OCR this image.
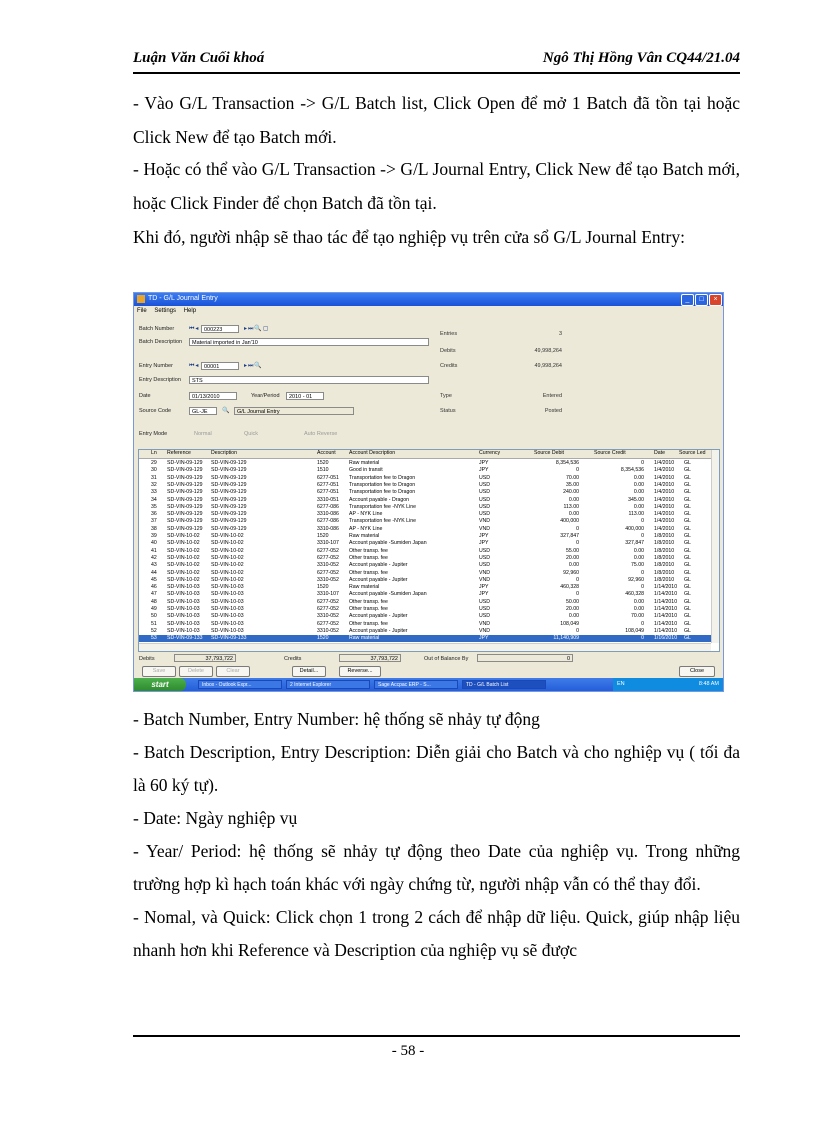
Luận Văn Cuối khoá	Ngô Thị Hồng Vân CQ44/21.04
- Vào G/L Transaction -> G/L Batch list, Click Open để mở 1 Batch đã tồn tại hoặc Click New để tạo Batch mới.
- Hoặc có thể vào G/L Transaction -> G/L Journal Entry, Click New để tạo Batch mới, hoặc Click Finder để chọn Batch đã tồn tại.
Khi đó, người nhập sẽ thao tác để tạo nghiệp vụ trên cửa sổ G/L Journal Entry:
TD - G/L Journal Entry	_	□	×
File Settings Help
Batch Number ⏮◂ 000223	▸⏭🔍▢
Batch Description	Material imported in Jan'10
Entry Number	⏮◂ 00001	▸⏭🔍
Entry Description	STS
Date	01/13/2010	Year/Period	2010 - 01
Source Code	GL-JE	🔍	G/L Journal Entry
Entry Mode	Normal	Quick	Auto Reverse
Entries	3
Debits	49,998,264
Credits	49,998,264
Type	Entered
Status	Posted
Ln Reference	Description	Account	Account Description	Currency	Source Debit	Source Credit	Date	Source Led
29 SD-VIN-09-129 SD-VIN-09-129	1520	Raw material	JPY	8,354,536	0 1/4/2010 GL
30 SD-VIN-09-129 SD-VIN-09-129	1510	Good in transit	JPY	0	8,354,536 1/4/2010 GL
31 SD-VIN-09-129 SD-VIN-09-129	6277-051 Transportation fee to Dragon	USD	70.00	0.00 1/4/2010 GL
32 SD-VIN-09-129 SD-VIN-09-129	6277-051 Transportation fee to Dragon	USD	35.00	0.00 1/4/2010 GL
33 SD-VIN-09-129 SD-VIN-09-129	6277-051 Transportation fee to Dragon	USD	240.00	0.00 1/4/2010 GL
34 SD-VIN-09-129 SD-VIN-09-129	3310-051 Account payable - Dragon	USD	0.00	345.00 1/4/2010 GL
35 SD-VIN-09-129 SD-VIN-09-129	6277-086 Transportation fee -NYK Line	USD	113.00	0.00 1/4/2010 GL
36 SD-VIN-09-129 SD-VIN-09-129	3310-086 AP - NYK Line	USD	0.00	113.00 1/4/2010 GL
37 SD-VIN-09-129 SD-VIN-09-129	6277-086 Transportation fee -NYK Line	VND	400,000	0 1/4/2010 GL
38 SD-VIN-09-129 SD-VIN-09-129	3310-086 AP - NYK Line	VND	0	400,000 1/4/2010 GL
39 SD-VIN-10-02 SD-VIN-10-02	1520	Raw material	JPY	327,847	0 1/8/2010 GL
40 SD-VIN-10-02 SD-VIN-10-02	3310-107 Account payable -Sumiden Japan	JPY	0	327,847 1/8/2010 GL
41 SD-VIN-10-02 SD-VIN-10-02	6277-052 Other transp. fee	USD	55.00	0.00 1/8/2010 GL
42 SD-VIN-10-02 SD-VIN-10-02	6277-052 Other transp. fee	USD	20.00	0.00 1/8/2010 GL
43 SD-VIN-10-02 SD-VIN-10-02	3310-052 Account payable - Jupiter	USD	0.00	75.00 1/8/2010 GL
44 SD-VIN-10-02 SD-VIN-10-02	6277-052 Other transp. fee	VND	92,960	0 1/8/2010 GL
45 SD-VIN-10-02 SD-VIN-10-02	3310-052 Account payable - Jupiter	VND	0	92,960 1/8/2010 GL
46 SD-VIN-10-03 SD-VIN-10-03	1520	Raw material	JPY	460,328	0 1/14/2010 GL
47 SD-VIN-10-03 SD-VIN-10-03	3310-107 Account payable -Sumiden Japan	JPY	0	460,328 1/14/2010 GL
48 SD-VIN-10-03 SD-VIN-10-03	6277-052 Other transp. fee	USD	50.00	0.00 1/14/2010 GL
49 SD-VIN-10-03 SD-VIN-10-03	6277-052 Other transp. fee	USD	20.00	0.00 1/14/2010 GL
50 SD-VIN-10-03 SD-VIN-10-03	3310-052 Account payable - Jupiter	USD	0.00	70.00 1/14/2010 GL
51 SD-VIN-10-03 SD-VIN-10-03	6277-052 Other transp. fee	VND	108,049	0 1/14/2010 GL
52 SD-VIN-10-03 SD-VIN-10-03	3310-052 Account payable - Jupiter	VND	0	108,049 1/14/2010 GL
53 SD-VIN-09-133 SD-VIN-09-133	1520	Raw material	JPY	11,140,909	0 1/16/2010 GL
Debits	37,793,722	Credits	37,793,722	Out of Balance By	0
Save	Delete	Clear	Detail...	Reverse...	Close
start	Inbox - Outlook Expr...	2 Internet Explorer	Sage Accpac ERP - S...	TD - G/L Batch List	EN	8:48 AM
- Batch Number, Entry Number: hệ thống sẽ nhảy tự động
- Batch Description, Entry Description: Diễn giải cho Batch và cho nghiệp vụ ( tối đa là 60 ký tự).
- Date: Ngày nghiệp vụ
- Year/ Period: hệ thống sẽ nhảy tự động theo Date của nghiệp vụ. Trong những trường hợp kì hạch toán khác với ngày chứng từ, người nhập vẫn có thể thay đổi.
- Nomal, và Quick: Click chọn 1 trong 2 cách để nhập dữ liệu. Quick, giúp nhập liệu nhanh hơn khi Reference và Description của nghiệp vụ sẽ được
- 58 -
